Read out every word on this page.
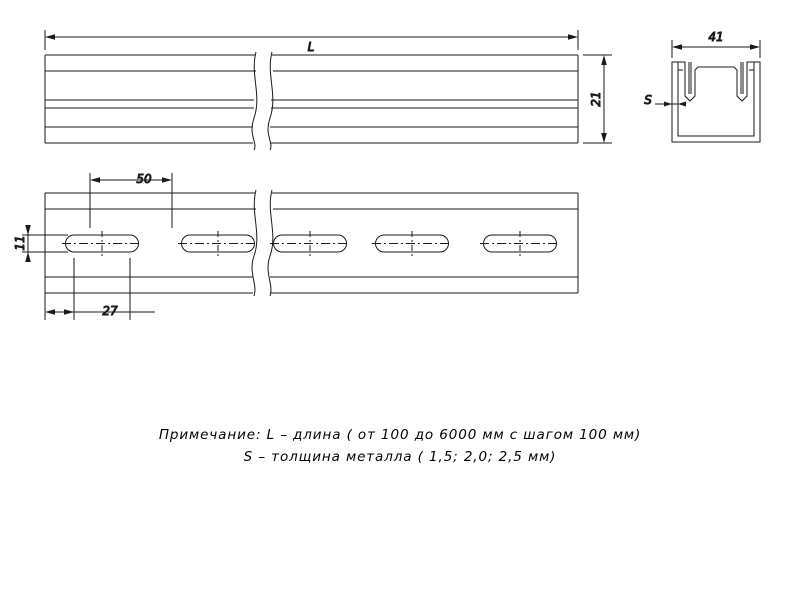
L
21
41
S
50
11
27
Примечание: L – длина ( от 100 до 6000 мм с шагом 100 мм)
S – толщина металла ( 1,5; 2,0; 2,5 мм)
